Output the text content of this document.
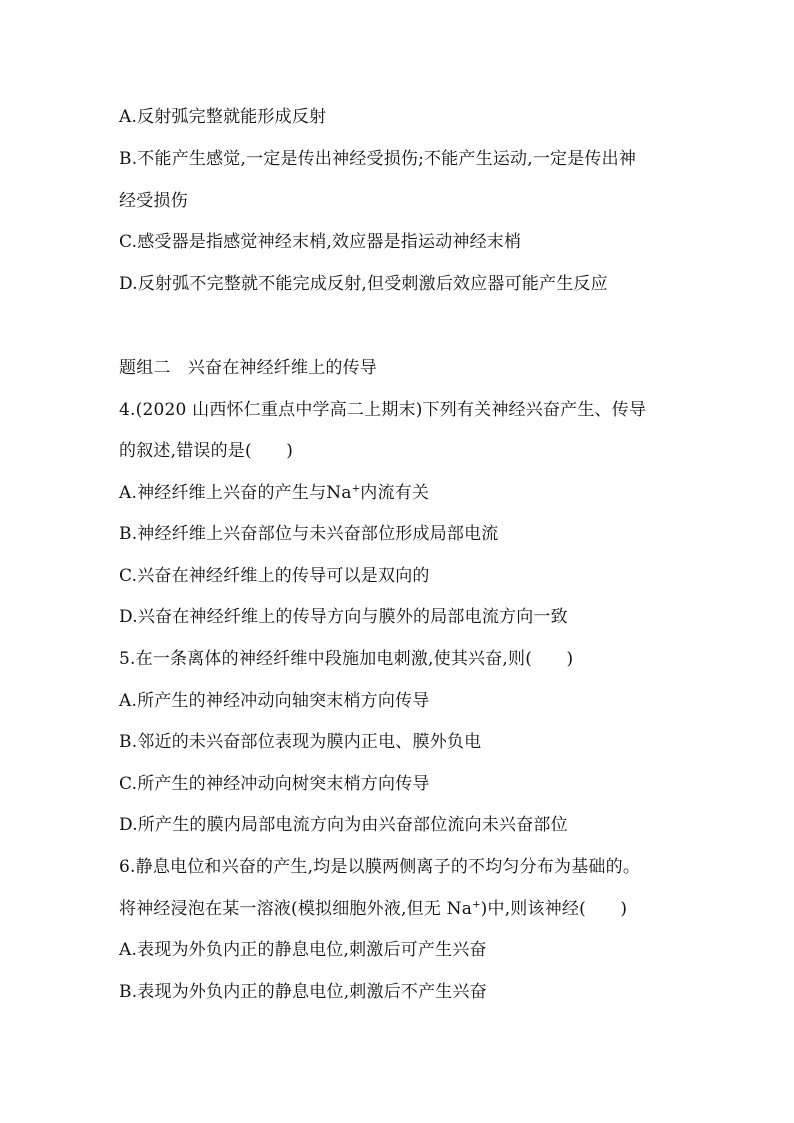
A.反射弧完整就能形成反射
B.不能产生感觉,一定是传出神经受损伤;不能产生运动,一定是传出神
经受损伤
C.感受器是指感觉神经末梢,效应器是指运动神经末梢
D.反射弧不完整就不能完成反射,但受刺激后效应器可能产生反应
题组二　兴奋在神经纤维上的传导
4.(2020 山西怀仁重点中学高二上期末)下列有关神经兴奋产生、传导
的叙述,错误的是(　　)
A.神经纤维上兴奋的产生与Na+内流有关
B.神经纤维上兴奋部位与未兴奋部位形成局部电流
C.兴奋在神经纤维上的传导可以是双向的
D.兴奋在神经纤维上的传导方向与膜外的局部电流方向一致
5.在一条离体的神经纤维中段施加电刺激,使其兴奋,则(　　)
A.所产生的神经冲动向轴突末梢方向传导
B.邻近的未兴奋部位表现为膜内正电、膜外负电
C.所产生的神经冲动向树突末梢方向传导
D.所产生的膜内局部电流方向为由兴奋部位流向未兴奋部位
6.静息电位和兴奋的产生,均是以膜两侧离子的不均匀分布为基础的。
将神经浸泡在某一溶液(模拟细胞外液,但无 Na+)中,则该神经(　　)
A.表现为外负内正的静息电位,刺激后可产生兴奋
B.表现为外负内正的静息电位,刺激后不产生兴奋
